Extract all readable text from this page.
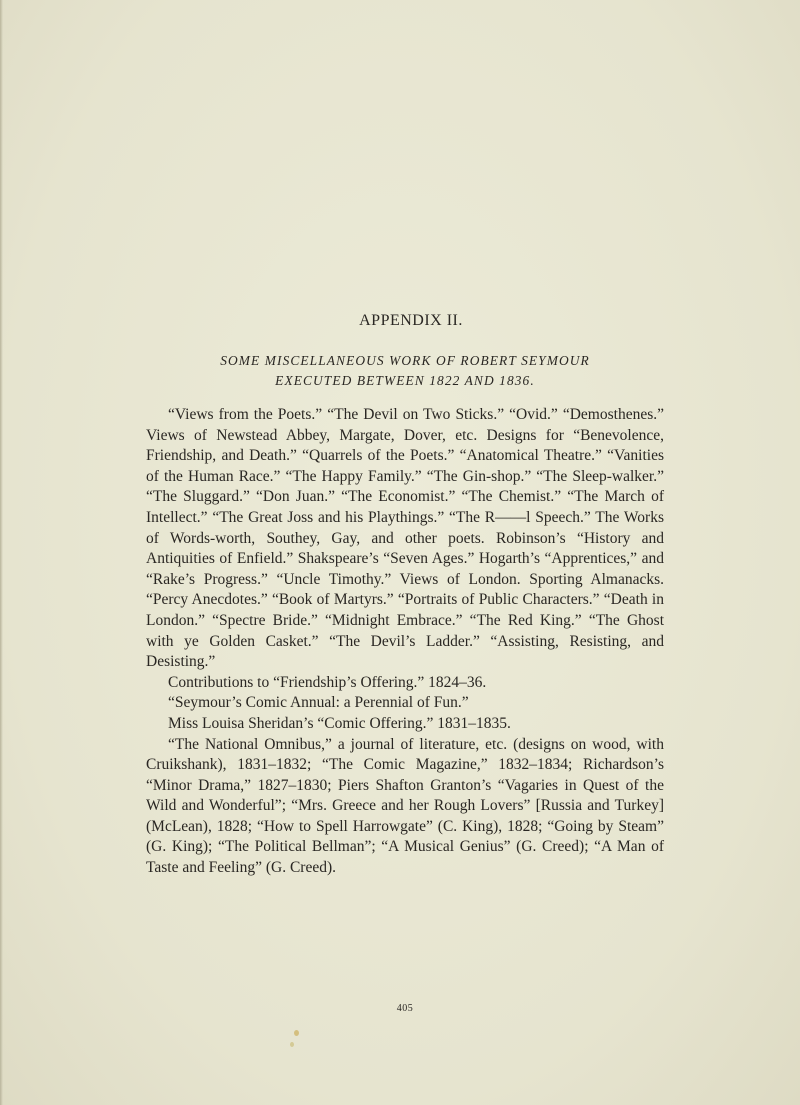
APPENDIX II.
SOME MISCELLANEOUS WORK OF ROBERT SEYMOUR
EXECUTED BETWEEN 1822 AND 1836.

“Views from the Poets.” “The Devil on Two Sticks.” “Ovid.” “Demosthenes.” Views of Newstead Abbey, Margate, Dover, etc. Designs for “Benevolence, Friendship, and Death.” “Quarrels of the Poets.” “Anatomical Theatre.” “Vanities of the Human Race.” “The Happy Family.” “The Gin-shop.” “The Sleep-walker.” “The Sluggard.” “Don Juan.” “The Economist.” “The Chemist.” “The March of Intellect.” “The Great Joss and his Playthings.” “The R——l Speech.” The Works of Words-worth, Southey, Gay, and other poets. Robinson’s “History and Antiquities of Enfield.” Shakspeare’s “Seven Ages.” Hogarth’s “Apprentices,” and “Rake’s Progress.” “Uncle Timothy.” Views of London. Sporting Almanacks. “Percy Anecdotes.” “Book of Martyrs.” “Portraits of Public Characters.” “Death in London.” “Spectre Bride.” “Midnight Embrace.” “The Red King.” “The Ghost with ye Golden Casket.” “The Devil’s Ladder.” “Assisting, Resisting, and Desisting.”

Contributions to “Friendship’s Offering.” 1824–36.

“Seymour’s Comic Annual: a Perennial of Fun.”

Miss Louisa Sheridan’s “Comic Offering.” 1831–1835.

“The National Omnibus,” a journal of literature, etc. (designs on wood, with Cruikshank), 1831–1832; “The Comic Magazine,” 1832–1834; Richardson’s “Minor Drama,” 1827–1830; Piers Shafton Granton’s “Vagaries in Quest of the Wild and Wonderful”; “Mrs. Greece and her Rough Lovers” [Russia and Turkey] (McLean), 1828; “How to Spell Harrowgate” (C. King), 1828; “Going by Steam” (G. King); “The Political Bellman”; “A Musical Genius” (G. Creed); “A Man of Taste and Feeling” (G. Creed).

405
